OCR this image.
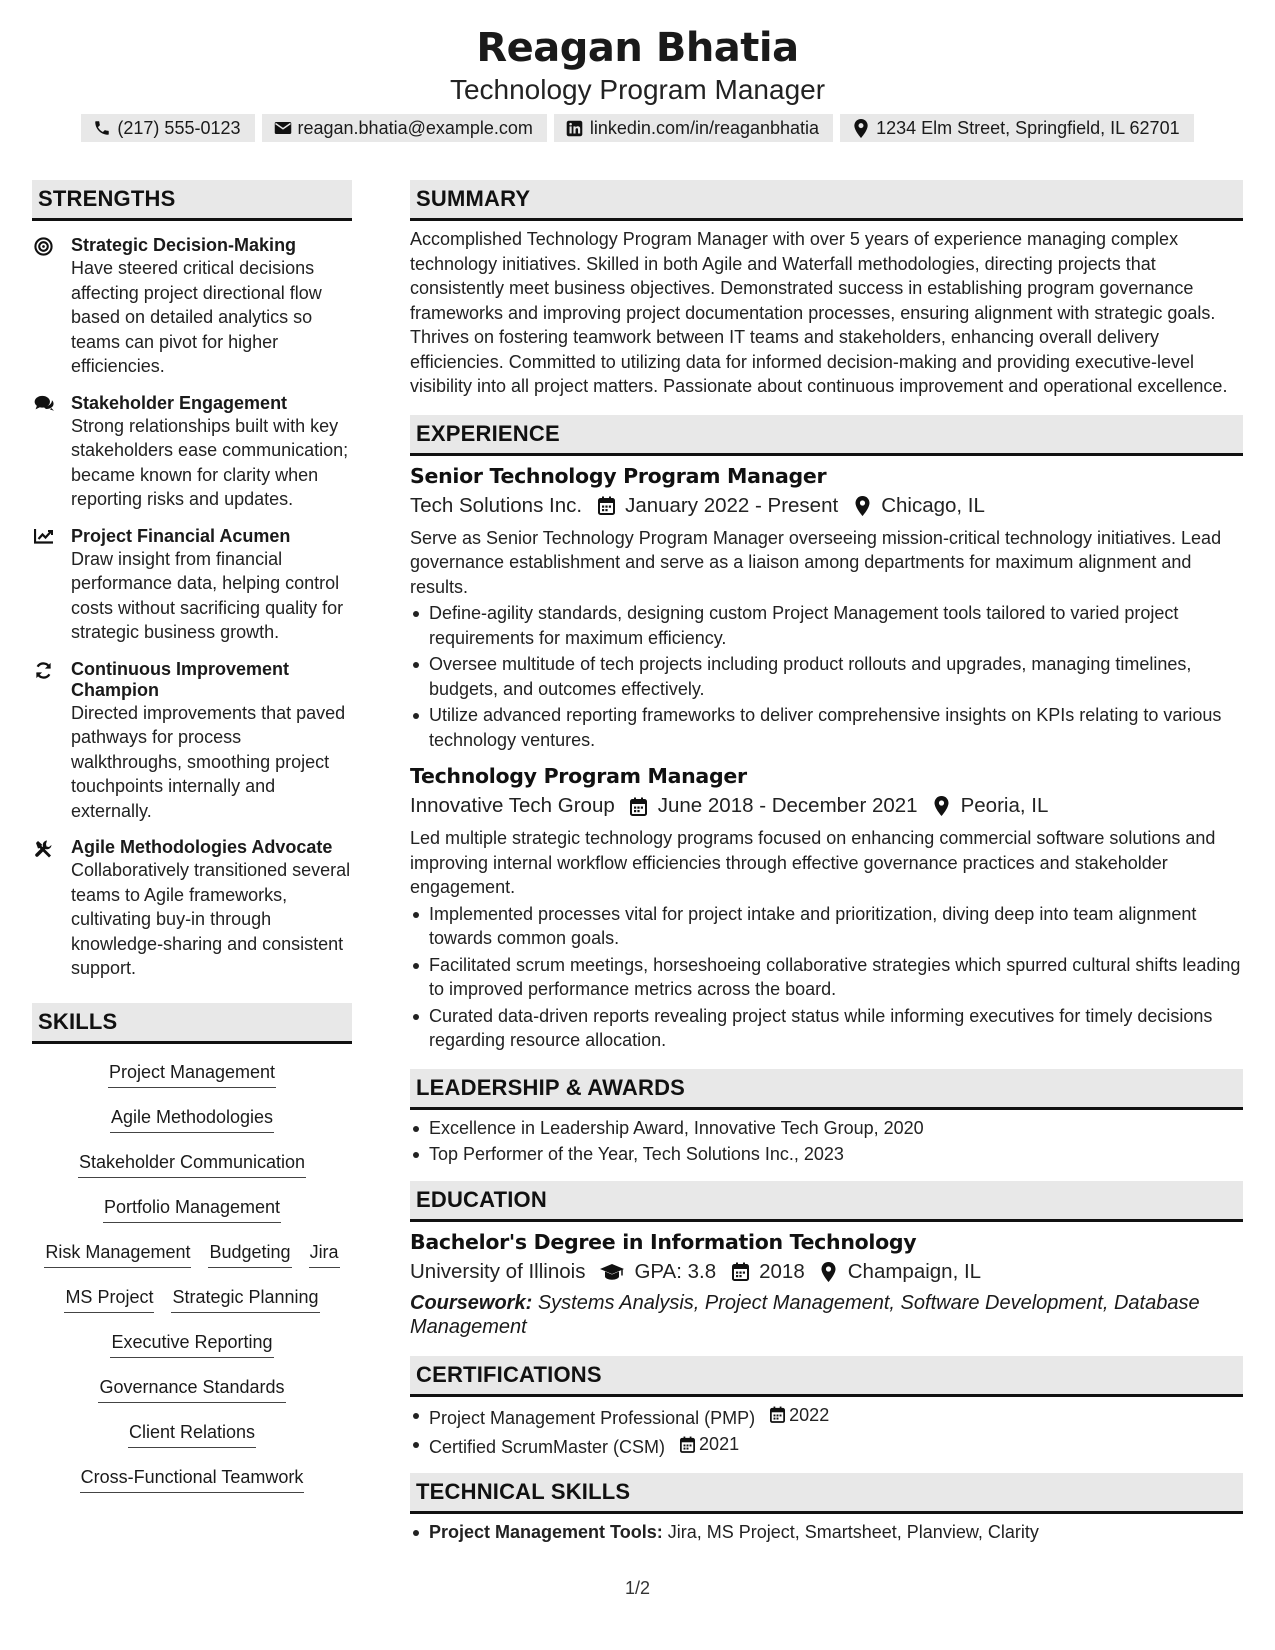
Reagan Bhatia
Technology Program Manager
(217) 555-0123	reagan.bhatia@example.com	linkedin.com/in/reaganbhatia	1234 Elm Street, Springfield, IL 62701
STRENGTHS
Strategic Decision-Making
Have steered critical decisions affecting project directional flow based on detailed analytics so teams can pivot for higher efficiencies.
Stakeholder Engagement
Strong relationships built with key stakeholders ease communication; became known for clarity when reporting risks and updates.
Project Financial Acumen
Draw insight from financial performance data, helping control costs without sacrificing quality for strategic business growth.
Continuous Improvement Champion
Directed improvements that paved pathways for process walkthroughs, smoothing project touchpoints internally and externally.
Agile Methodologies Advocate
Collaboratively transitioned several teams to Agile frameworks, cultivating buy-in through knowledge-sharing and consistent support.
SKILLS
Project Management
Agile Methodologies
Stakeholder Communication
Portfolio Management
Risk Management Budgeting Jira
MS Project Strategic Planning
Executive Reporting
Governance Standards
Client Relations
Cross-Functional Teamwork
SUMMARY
Accomplished Technology Program Manager with over 5 years of experience managing complex technology initiatives. Skilled in both Agile and Waterfall methodologies, directing projects that consistently meet business objectives. Demonstrated success in establishing program governance frameworks and improving project documentation processes, ensuring alignment with strategic goals. Thrives on fostering teamwork between IT teams and stakeholders, enhancing overall delivery efficiencies. Committed to utilizing data for informed decision-making and providing executive-level visibility into all project matters. Passionate about continuous improvement and operational excellence.
EXPERIENCE
Senior Technology Program Manager
Tech Solutions Inc. January 2022 - Present Chicago, IL
Serve as Senior Technology Program Manager overseeing mission-critical technology initiatives. Lead governance establishment and serve as a liaison among departments for maximum alignment and results.
Define-agility standards, designing custom Project Management tools tailored to varied project requirements for maximum efficiency.
Oversee multitude of tech projects including product rollouts and upgrades, managing timelines, budgets, and outcomes effectively.
Utilize advanced reporting frameworks to deliver comprehensive insights on KPIs relating to various technology ventures.
Technology Program Manager
Innovative Tech Group June 2018 - December 2021 Peoria, IL
Led multiple strategic technology programs focused on enhancing commercial software solutions and improving internal workflow efficiencies through effective governance practices and stakeholder engagement.
Implemented processes vital for project intake and prioritization, diving deep into team alignment towards common goals.
Facilitated scrum meetings, horseshoeing collaborative strategies which spurred cultural shifts leading to improved performance metrics across the board.
Curated data-driven reports revealing project status while informing executives for timely decisions regarding resource allocation.
LEADERSHIP & AWARDS
Excellence in Leadership Award, Innovative Tech Group, 2020
Top Performer of the Year, Tech Solutions Inc., 2023
EDUCATION
Bachelor's Degree in Information Technology
University of Illinois GPA: 3.8 2018 Champaign, IL
Coursework: Systems Analysis, Project Management, Software Development, Database Management
CERTIFICATIONS
Project Management Professional (PMP) 2022
Certified ScrumMaster (CSM) 2021
TECHNICAL SKILLS
Project Management Tools: Jira, MS Project, Smartsheet, Planview, Clarity
1/2
